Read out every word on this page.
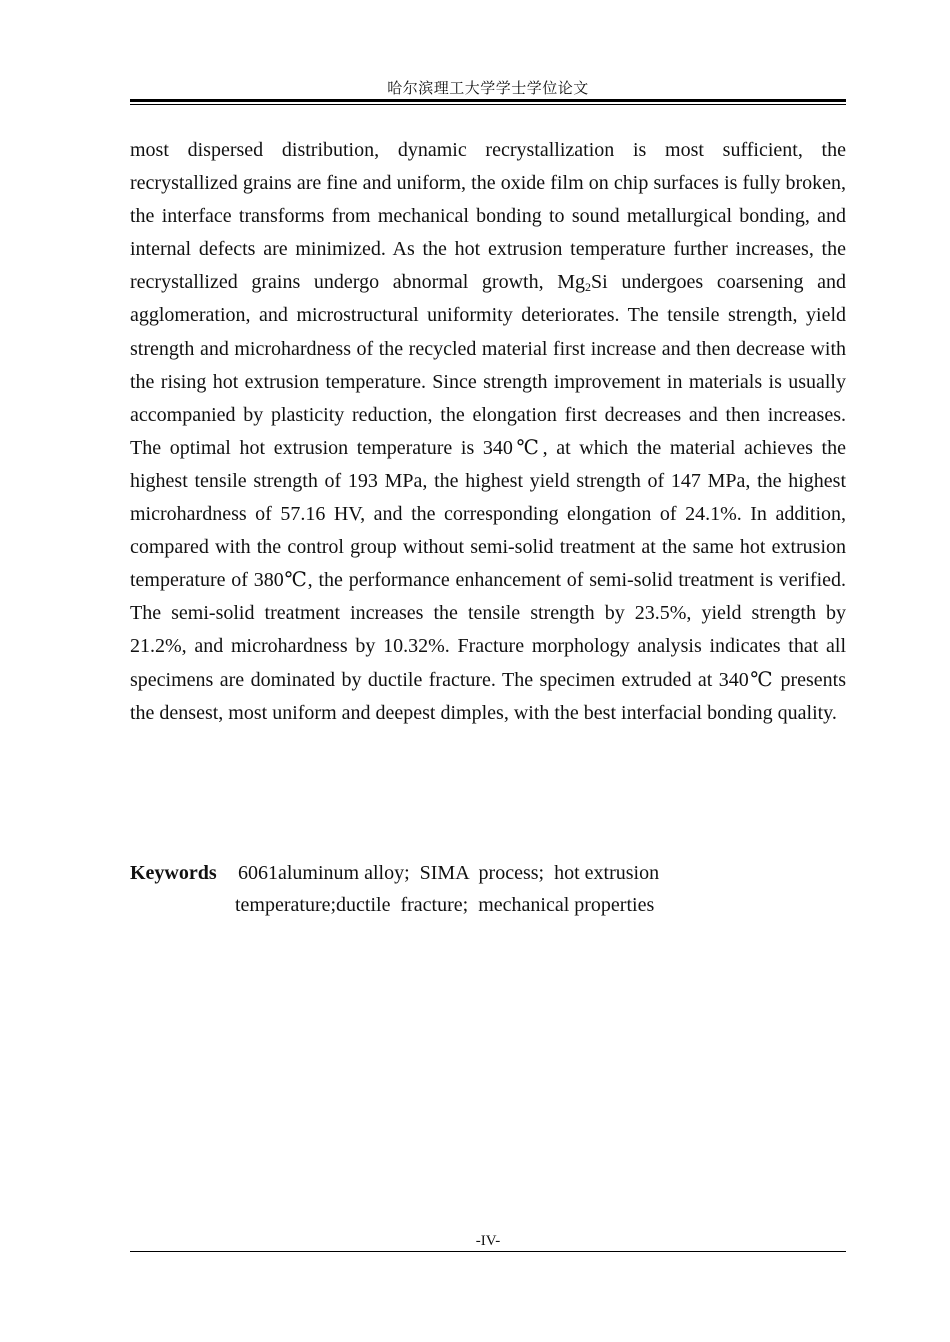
哈尔滨理工大学学士学位论文

most dispersed distribution, dynamic recrystallization is most sufficient, the recrystallized grains are fine and uniform, the oxide film on chip surfaces is fully broken, the interface transforms from mechanical bonding to sound metallurgical bonding, and internal defects are minimized. As the hot extrusion temperature further increases, the recrystallized grains undergo abnormal growth, $Mg_2Si$ undergoes coarsening and agglomeration, and microstructural uniformity deteriorates. The tensile strength, yield strength and microhardness of the recycled material first increase and then decrease with the rising hot extrusion temperature. Since strength improvement in materials is usually accompanied by plasticity reduction, the elongation first decreases and then increases. The optimal hot extrusion temperature is 340℃, at which the material achieves the highest tensile strength of 193 MPa, the highest yield strength of 147 MPa, the highest microhardness of 57.16 HV, and the corresponding elongation of 24.1%. In addition, compared with the control group without semi-solid treatment at the same hot extrusion temperature of 380℃, the performance enhancement of semi-solid treatment is verified. The semi-solid treatment increases the tensile strength by 23.5%, yield strength by 21.2%, and microhardness by 10.32%. Fracture morphology analysis indicates that all specimens are dominated by ductile fracture. The specimen extruded at 340℃ presents the densest, most uniform and deepest dimples, with the best interfacial bonding quality.

Keywords 6061aluminum alloy;  SIMA  process;  hot extrusion
temperature;ductile  fracture;  mechanical properties
-IV-
